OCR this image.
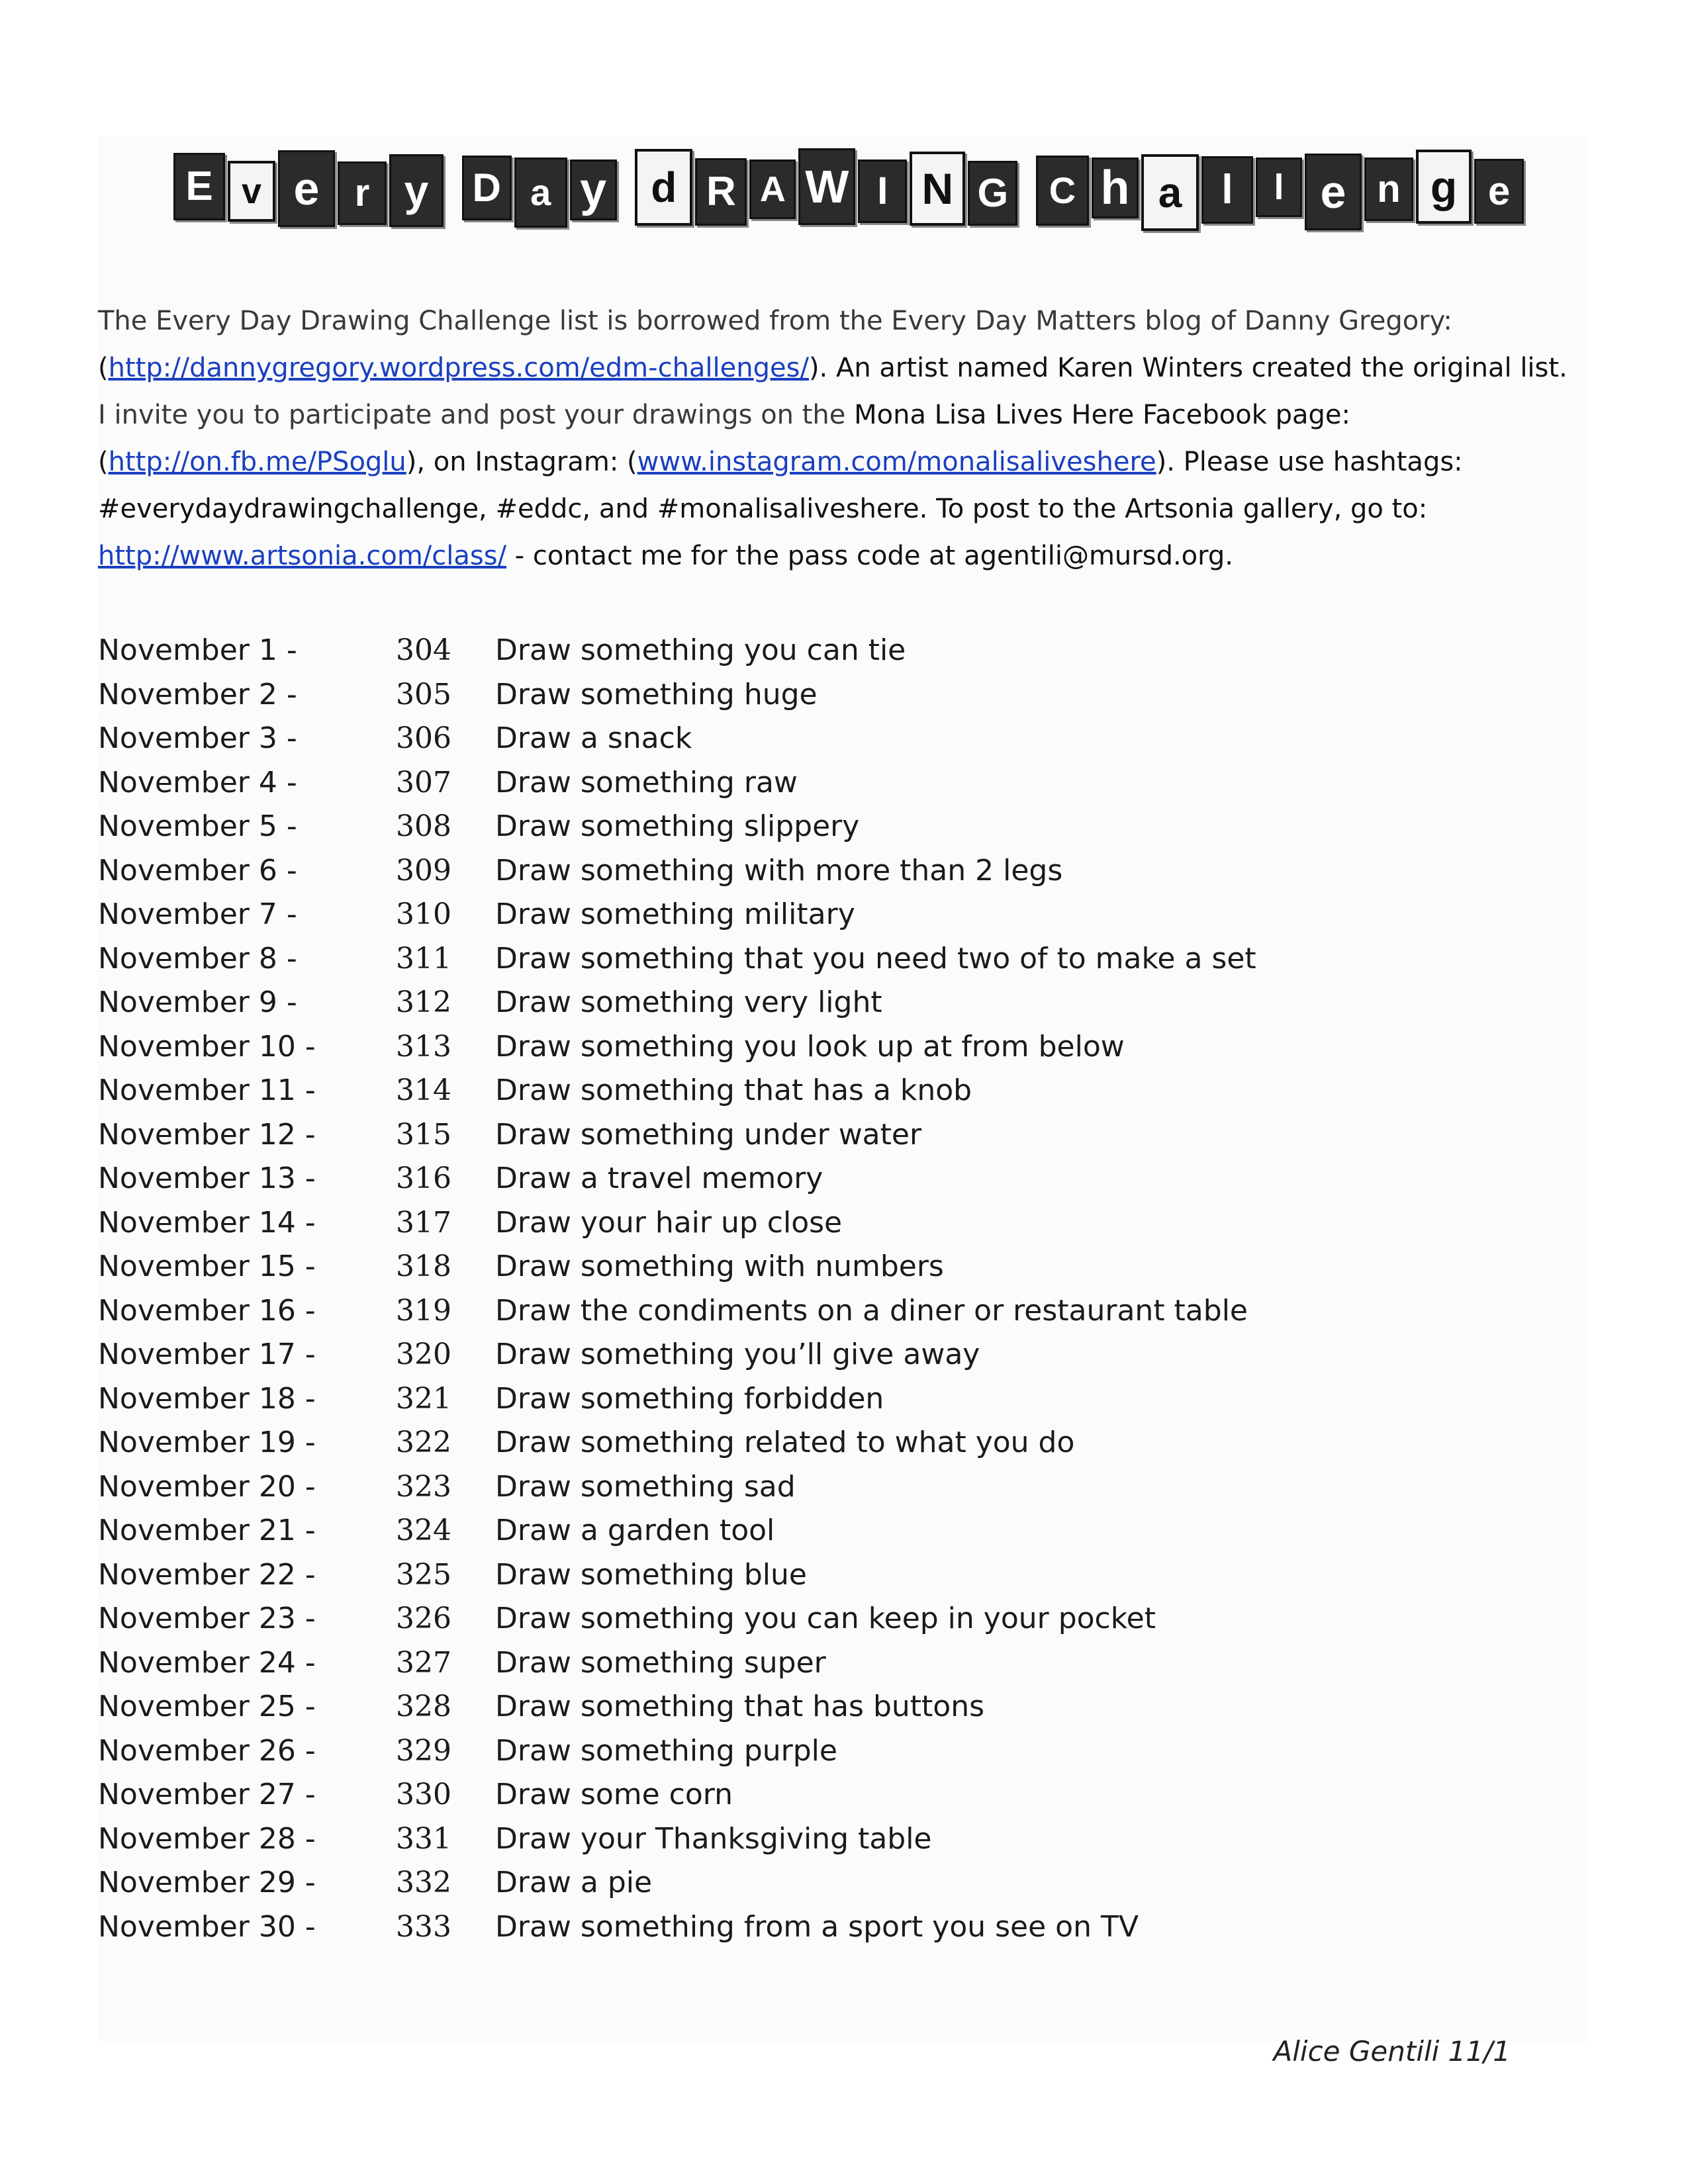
E v e r y	D a y	d R A W I N G	C h a l	l e n g e
The Every Day Drawing Challenge list is borrowed from the Every Day Matters blog of Danny Gregory:
(http://dannygregory.wordpress.com/edm-challenges/). An artist named Karen Winters created the original list.
I invite you to participate and post your drawings on the Mona Lisa Lives Here Facebook page:
(http://on.fb.me/PSoglu), on Instagram: (www.instagram.com/monalisaliveshere). Please use hashtags:
#everydaydrawingchallenge, #eddc, and #monalisaliveshere. To post to the Artsonia gallery, go to:
http://www.artsonia.com/class/ - contact me for the pass code at agentili@mursd.org.
November 1 -	304 Draw something you can tie
November 2 -	305 Draw something huge
November 3 -	306 Draw a snack
November 4 -	307 Draw something raw
November 5 -	308 Draw something slippery
November 6 -	309 Draw something with more than 2 legs
November 7 -	310 Draw something military
November 8 -	311 Draw something that you need two of to make a set
November 9 -	312 Draw something very light
November 10 -	313 Draw something you look up at from below
November 11 -	314 Draw something that has a knob
November 12 -	315 Draw something under water
November 13 -	316 Draw a travel memory
November 14 -	317 Draw your hair up close
November 15 -	318 Draw something with numbers
November 16 -	319 Draw the condiments on a diner or restaurant table
November 17 -	320 Draw something you’ll give away
November 18 -	321 Draw something forbidden
November 19 -	322 Draw something related to what you do
November 20 -	323 Draw something sad
November 21 -	324 Draw a garden tool
November 22 -	325 Draw something blue
November 23 -	326 Draw something you can keep in your pocket
November 24 -	327 Draw something super
November 25 -	328 Draw something that has buttons
November 26 -	329 Draw something purple
November 27 -	330 Draw some corn
November 28 -	331 Draw your Thanksgiving table
November 29 -	332 Draw a pie
November 30 -	333 Draw something from a sport you see on TV
Alice Gentili 11/1
